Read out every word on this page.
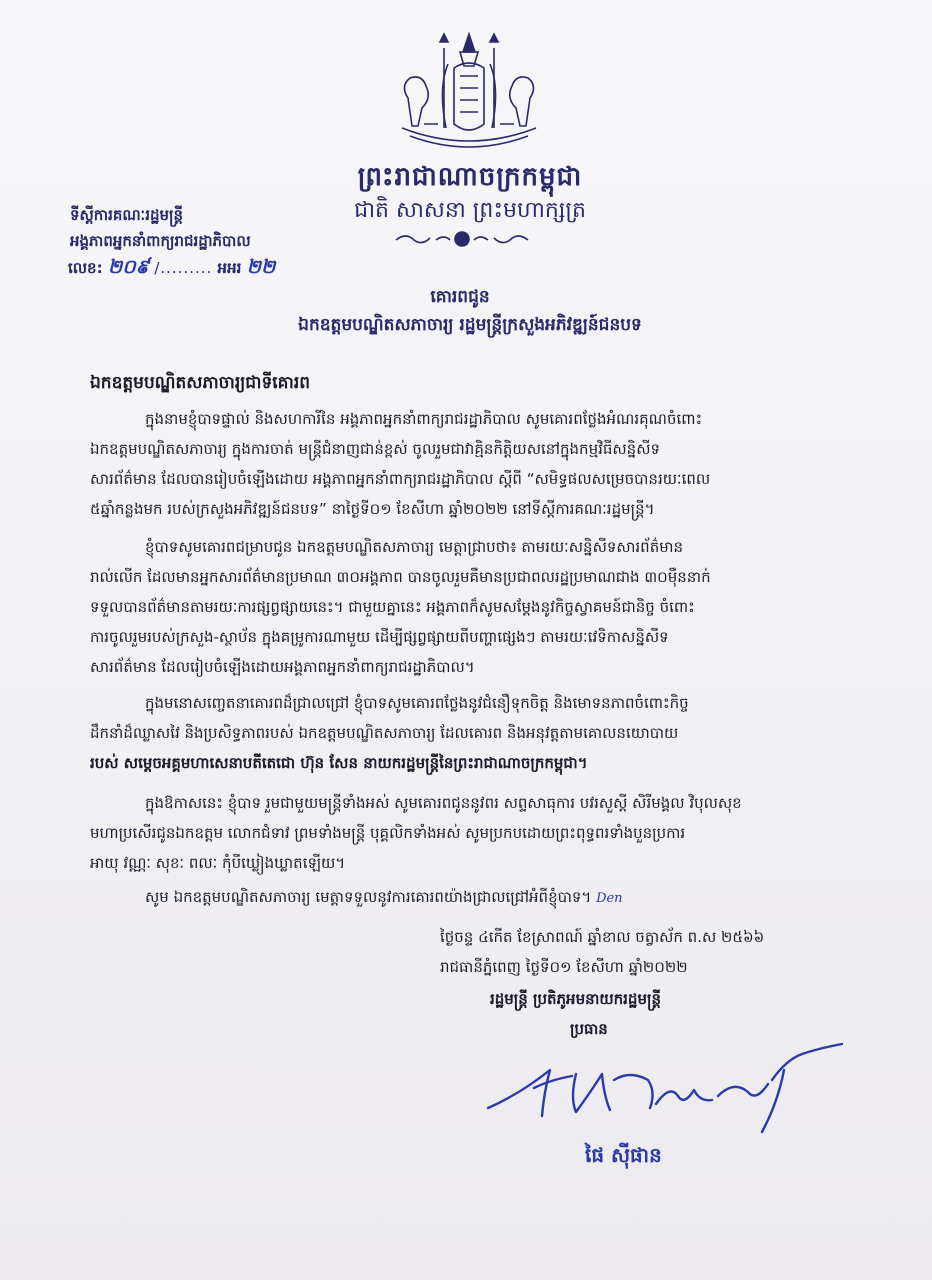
ព្រះរាជាណាចក្រកម្ពុជា
ជាតិ សាសនា ព្រះមហាក្សត្រ
ទីស្តីការគណៈរដ្ឋមន្ត្រី
អង្គភាពអ្នកនាំពាក្យរាជរដ្ឋាភិបាល
លេខ: ២០៩ /......... អអរ ២២
គោរពជូន
ឯកឧត្តមបណ្ឌិតសភាចារ្យ រដ្ឋមន្ត្រីក្រសួងអភិវឌ្ឍន៍ជនបទ
ឯកឧត្តមបណ្ឌិតសភាចារ្យជាទីគោរព
ក្នុងនាមខ្ញុំបាទផ្ទាល់ និងសហការីនៃ អង្គភាពអ្នកនាំពាក្យរាជរដ្ឋាភិបាល សូមគោរពថ្លែងអំណរគុណចំពោះ
ឯកឧត្តមបណ្ឌិតសភាចារ្យ ក្នុងការចាត់ មន្ត្រីជំនាញជាន់ខ្ពស់ ចូលរួមជាវាគ្មិនកិត្តិយសនៅក្នុងកម្មវិធីសន្និសីទ
សារព័ត៌មាន ដែលបានរៀបចំឡើងដោយ អង្គភាពអ្នកនាំពាក្យរាជរដ្ឋាភិបាល ស្តីពី “សមិទ្ធផលសម្រេចបានរយៈពេល
៥ឆ្នាំកន្លងមក របស់ក្រសួងអភិវឌ្ឍន៍ជនបទ” នាថ្ងៃទី០១ ខែសីហា ឆ្នាំ២០២២ នៅទីស្តីការគណៈរដ្ឋមន្ត្រី។
ខ្ញុំបាទសូមគោរពជម្រាបជូន ឯកឧត្តមបណ្ឌិតសភាចារ្យ មេត្តាជ្រាបថា៖ តាមរយៈសន្និសីទសារព័ត៌មាន
រាល់លើក ដែលមានអ្នកសារព័ត៌មានប្រមាណ ៣០អង្គភាព បានចូលរួមគឺមានប្រជាពលរដ្ឋប្រមាណជាង ៣០ម៉ឺននាក់
ទទួលបានព័ត៌មានតាមរយៈការផ្សព្វផ្សាយនេះ។ ជាមួយគ្នានេះ អង្គភាពក៏សូមសម្តែងនូវកិច្ចស្វាគមន៍ជានិច្ច ចំពោះ
ការចូលរួមរបស់ក្រសួង-ស្ថាប័ន ក្នុងគម្រូការណាមួយ ដើម្បីផ្សព្វផ្សាយពីបញ្ហាផ្សេងៗ តាមរយៈវេទិកាសន្និសីទ
សារព័ត៌មាន ដែលរៀបចំឡើងដោយអង្គភាពអ្នកនាំពាក្យរាជរដ្ឋាភិបាល។
ក្នុងមនោសញ្ចេតនាគោរពដ៏ជ្រាលជ្រៅ ខ្ញុំបាទសូមគោរពថ្លែងនូវជំនឿទុកចិត្ត និងមោទនភាពចំពោះកិច្ច
ដឹកនាំដ៏ឈ្លាសវៃ និងប្រសិទ្ធភាពរបស់ ឯកឧត្តមបណ្ឌិតសភាចារ្យ ដែលគោរព និងអនុវត្តតាមគោលនយោបាយ
របស់ សម្តេចអគ្គមហាសេនាបតីតេជោ ហ៊ុន សែន នាយករដ្ឋមន្ត្រីនៃព្រះរាជាណាចក្រកម្ពុជា។
ក្នុងឱកាសនេះ ខ្ញុំបាទ រួមជាមួយមន្ត្រីទាំងអស់ សូមគោរពជូននូវពរ សព្ទសាធុការ បវរសួស្តី សិរីមង្គល វិបុលសុខ
មហាប្រសើរជូនឯកឧត្តម លោកជំទាវ ព្រមទាំងមន្ត្រី បុគ្គលិកទាំងអស់ សូមប្រកបដោយព្រះពុទ្ធពរទាំងបួនប្រការ
អាយុ វណ្ណៈ សុខៈ ពលៈ កុំបីឃ្លៀងឃ្លាតឡើយ។
សូម ឯកឧត្តមបណ្ឌិតសភាចារ្យ មេត្តាទទួលនូវការគោរពយ៉ាងជ្រាលជ្រៅអំពីខ្ញុំបាទ។ Den
ថ្ងៃចន្ទ ៤កើត ខែស្រាពណ៍ ឆ្នាំខាល ចត្វាស័ក ព.ស ២៥៦៦
រាជធានីភ្នំពេញ ថ្ងៃទី០១ ខែសីហា ឆ្នាំ២០២២
រដ្ឋមន្ត្រី ប្រតិភូអមនាយករដ្ឋមន្ត្រី
ប្រធាន
ផៃ ស៊ីផាន
